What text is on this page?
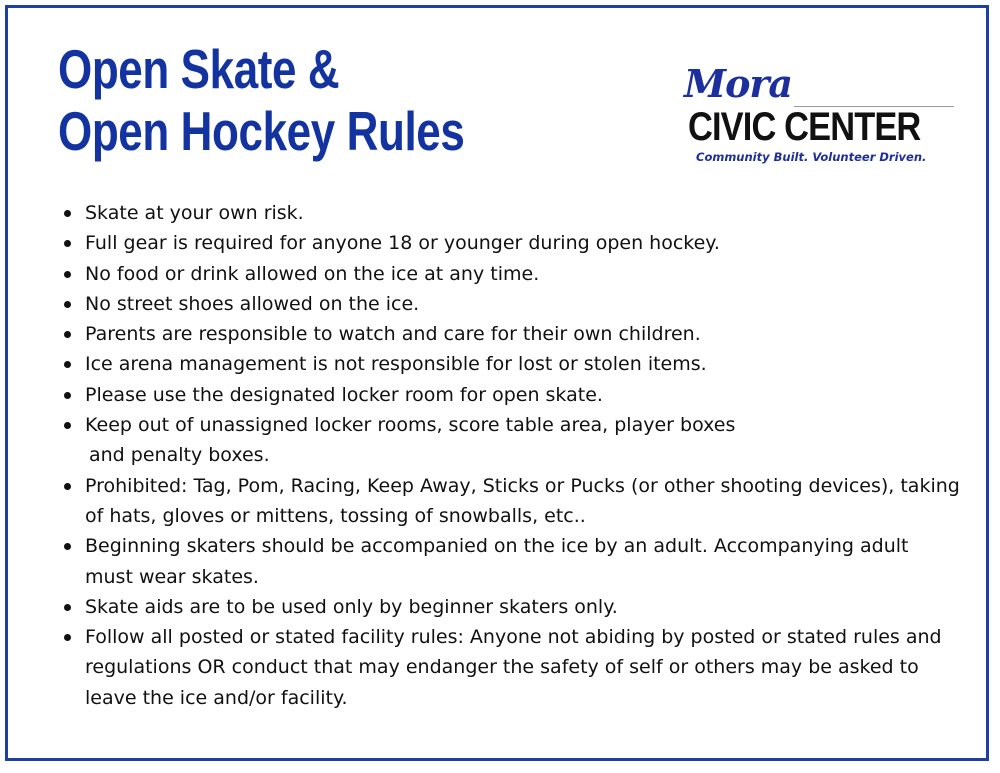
Open Skate &
Open Hockey Rules
Mora
CIVIC CENTER
Community Built. Volunteer Driven.
Skate at your own risk.
Full gear is required for anyone 18 or younger during open hockey.
No food or drink allowed on the ice at any time.
No street shoes allowed on the ice.
Parents are responsible to watch and care for their own children.
Ice arena management is not responsible for lost or stolen items.
Please use the designated locker room for open skate.
Keep out of unassigned locker rooms, score table area, player boxes
and penalty boxes.
Prohibited: Tag, Pom, Racing, Keep Away, Sticks or Pucks (or other shooting devices), taking of hats, gloves or mittens, tossing of snowballs, etc..
Beginning skaters should be accompanied on the ice by an adult. Accompanying adult must wear skates.
Skate aids are to be used only by beginner skaters only.
Follow all posted or stated facility rules: Anyone not abiding by posted or stated rules and regulations OR conduct that may endanger the safety of self or others may be asked to leave the ice and/or facility.
